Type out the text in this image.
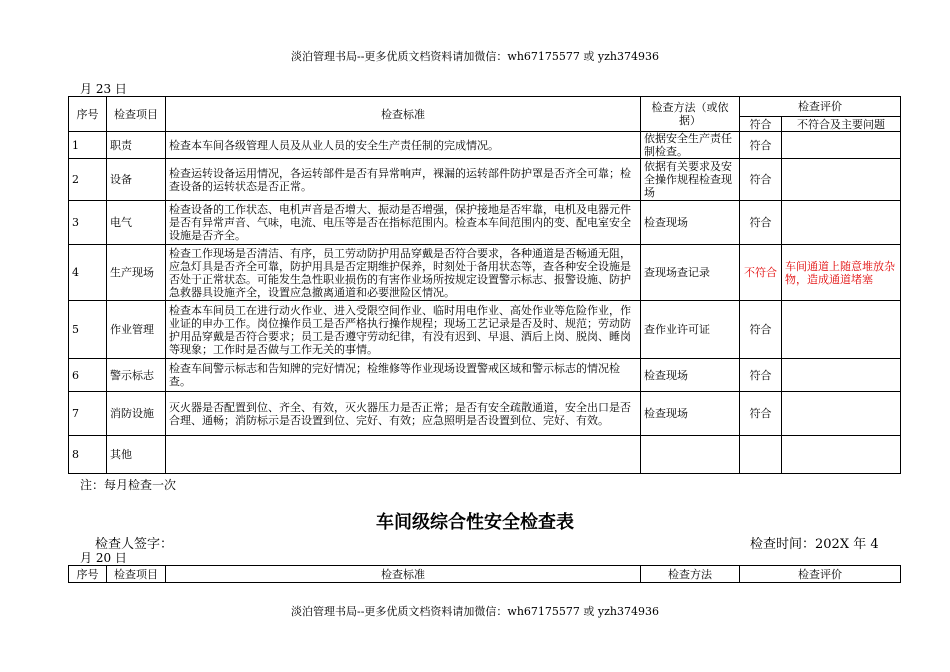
淡泊管理书局--更多优质文档资料请加微信：wh67175577 或 yzh374936
月 23 日
序号	检查项目	检查标准	检查方法（或依据）	检查评价	
				符合	不符合及主要问题
1	职责	检查本车间各级管理人员及从业人员的安全生产责任制的完成情况。	依据安全生产责任制检查。	符合	
2	设备	检查运转设备运用情况，各运转部件是否有异常响声，裸漏的运转部件防护罩是否齐全可靠；检查设备的运转状态是否正常。	依据有关要求及安全操作规程检查现场	符合	
3	电气	检查设备的工作状态、电机声音是否增大、振动是否增强，保护接地是否牢靠，电机及电器元件是否有异常声音、气味，电流、电压等是否在指标范围内。检查本车间范围内的变、配电室安全设施是否齐全。	检查现场	符合	
4	生产现场	检查工作现场是否清洁、有序，员工劳动防护用品穿戴是否符合要求，各种通道是否畅通无阻，应急灯具是否齐全可靠，防护用具是否定期维护保养，时刻处于备用状态等，查各种安全设施是否处于正常状态。可能发生急性职业损伤的有害作业场所按规定设置警示标志、报警设施、防护急救器具设施齐全，设置应急撤离通道和必要泄险区情况。	查现场查记录	不符合	车间通道上随意堆放杂物，造成通道堵塞
5	作业管理	检查本车间员工在进行动火作业、进入受限空间作业、临时用电作业、高处作业等危险作业，作业证的申办工作。岗位操作员工是否严格执行操作规程；现场工艺记录是否及时、规范；劳动防护用品穿戴是否符合要求；员工是否遵守劳动纪律，有没有迟到、早退、酒后上岗、脱岗、睡岗等现象；工作时是否做与工作无关的事情。	查作业许可证	符合	
6	警示标志	检查车间警示标志和告知牌的完好情况；检维修等作业现场设置警戒区域和警示标志的情况检查。	检查现场	符合	
7	消防设施	灭火器是否配置到位、齐全、有效，灭火器压力是否正常；是否有安全疏散通道，安全出口是否合理、通畅；消防标示是否设置到位、完好、有效；应急照明是否设置到位、完好、有效。	检查现场	符合	
8	其他				
注：每月检查一次
车间级综合性安全检查表
检查人签字：	检查时间：202X 年 4
月 20 日
序号	检查项目	检查标准	检查方法	检查评价
淡泊管理书局--更多优质文档资料请加微信：wh67175577 或 yzh374936
